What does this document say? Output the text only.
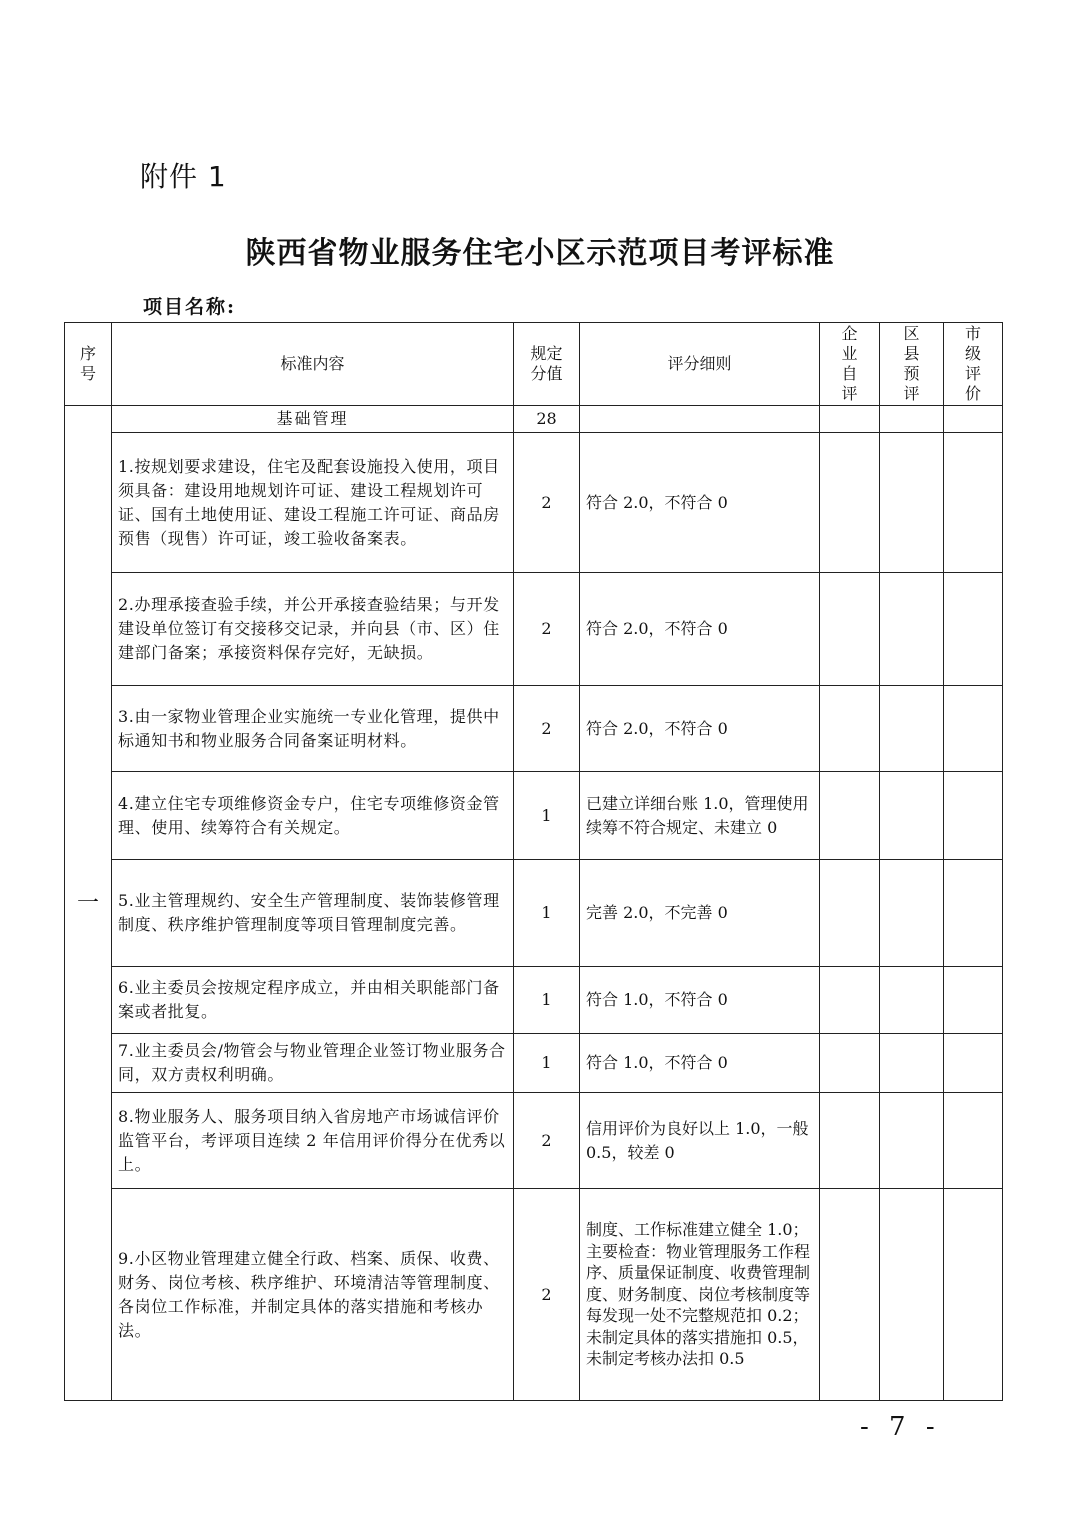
附件 1
陕西省物业服务住宅小区示范项目考评标准
项目名称:
序号	标准内容	规定分值	评分细则	企业自评	区县预评	市级评价
一	基础管理	28				
	1.按规划要求建设，住宅及配套设施投入使用，项目须具备：建设用地规划许可证、建设工程规划许可证、国有土地使用证、建设工程施工许可证、商品房预售（现售）许可证，竣工验收备案表。	2	符合 2.0，不符合 0			
	2.办理承接查验手续，并公开承接查验结果；与开发建设单位签订有交接移交记录，并向县（市、区）住建部门备案；承接资料保存完好，无缺损。	2	符合 2.0，不符合 0			
	3.由一家物业管理企业实施统一专业化管理，提供中标通知书和物业服务合同备案证明材料。	2	符合 2.0，不符合 0			
	4.建立住宅专项维修资金专户，住宅专项维修资金管理、使用、续筹符合有关规定。	1	已建立详细台账 1.0，管理使用续筹不符合规定、未建立 0			
	5.业主管理规约、安全生产管理制度、装饰装修管理制度、秩序维护管理制度等项目管理制度完善。	1	完善 2.0，不完善 0			
	6.业主委员会按规定程序成立，并由相关职能部门备案或者批复。	1	符合 1.0，不符合 0			
	7.业主委员会/物管会与物业管理企业签订物业服务合同，双方责权利明确。	1	符合 1.0，不符合 0			
	8.物业服务人、服务项目纳入省房地产市场诚信评价监管平台，考评项目连续 2 年信用评价得分在优秀以上。	2	信用评价为良好以上 1.0，一般 0.5，较差 0			
	9.小区物业管理建立健全行政、档案、质保、收费、财务、岗位考核、秩序维护、环境清洁等管理制度、各岗位工作标准，并制定具体的落实措施和考核办法。	2	制度、工作标准建立健全 1.0；主要检查：物业管理服务工作程序、质量保证制度、收费管理制度、财务制度、岗位考核制度等每发现一处不完整规范扣 0.2；未制定具体的落实措施扣 0.5，未制定考核办法扣 0.5			
- 7 -
